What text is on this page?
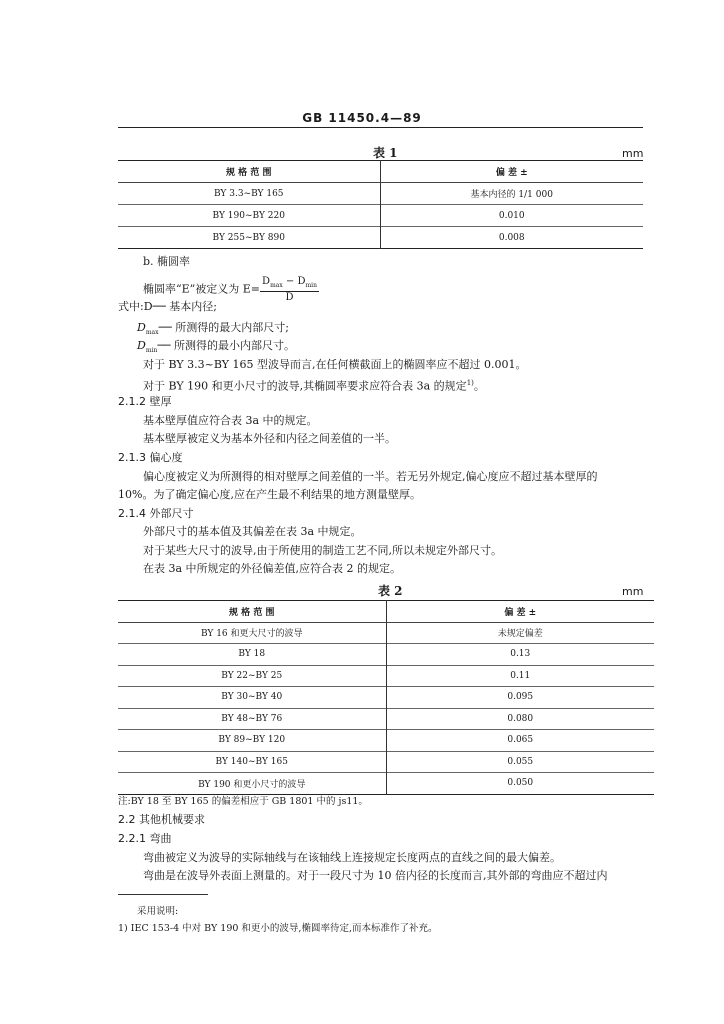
GB 11450.4—89
表 1	mm
规 格 范 围	偏 差 ±
BY 3.3~BY 165	基本内径的 1/1 000
BY 190~BY 220	0.010
BY 255~BY 890	0.008
b. 椭圆率
椭圆率“E”被定义为 $E= \frac{D_{max} - D_{min}}{D}$
式中:D── 基本内径;
$D_{max}──$ 所测得的最大内部尺寸;
$D_{min}──$ 所测得的最小内部尺寸。
对于 BY 3.3~BY 165 型波导而言,在任何横截面上的椭圆率应不超过 0.001。
对于 BY 190 和更小尺寸的波导,其椭圆率要求应符合表 3a 的规定$^{1)}$。
2.1.2 壁厚
基本壁厚值应符合表 3a 中的规定。
基本壁厚被定义为基本外径和内径之间差值的一半。
2.1.3 偏心度
偏心度被定义为所测得的相对壁厚之间差值的一半。若无另外规定,偏心度应不超过基本壁厚的
10%。为了确定偏心度,应在产生最不利结果的地方测量壁厚。
2.1.4 外部尺寸
外部尺寸的基本值及其偏差在表 3a 中规定。
对于某些大尺寸的波导,由于所使用的制造工艺不同,所以未规定外部尺寸。
在表 3a 中所规定的外径偏差值,应符合表 2 的规定。
表 2	mm
规 格 范 围	偏 差 ±
BY 16 和更大尺寸的波导	未规定偏差
BY 18	0.13
BY 22~BY 25	0.11
BY 30~BY 40	0.095
BY 48~BY 76	0.080
BY 89~BY 120	0.065
BY 140~BY 165	0.055
BY 190 和更小尺寸的波导	0.050
注:BY 18 至 BY 165 的偏差相应于 GB 1801 中的 js11。
2.2 其他机械要求
2.2.1 弯曲
弯曲被定义为波导的实际轴线与在该轴线上连接规定长度两点的直线之间的最大偏差。
弯曲是在波导外表面上测量的。对于一段尺寸为 10 倍内径的长度而言,其外部的弯曲应不超过内
采用说明:
1) IEC 153-4 中对 BY 190 和更小的波导,椭圆率待定,而本标准作了补充。
